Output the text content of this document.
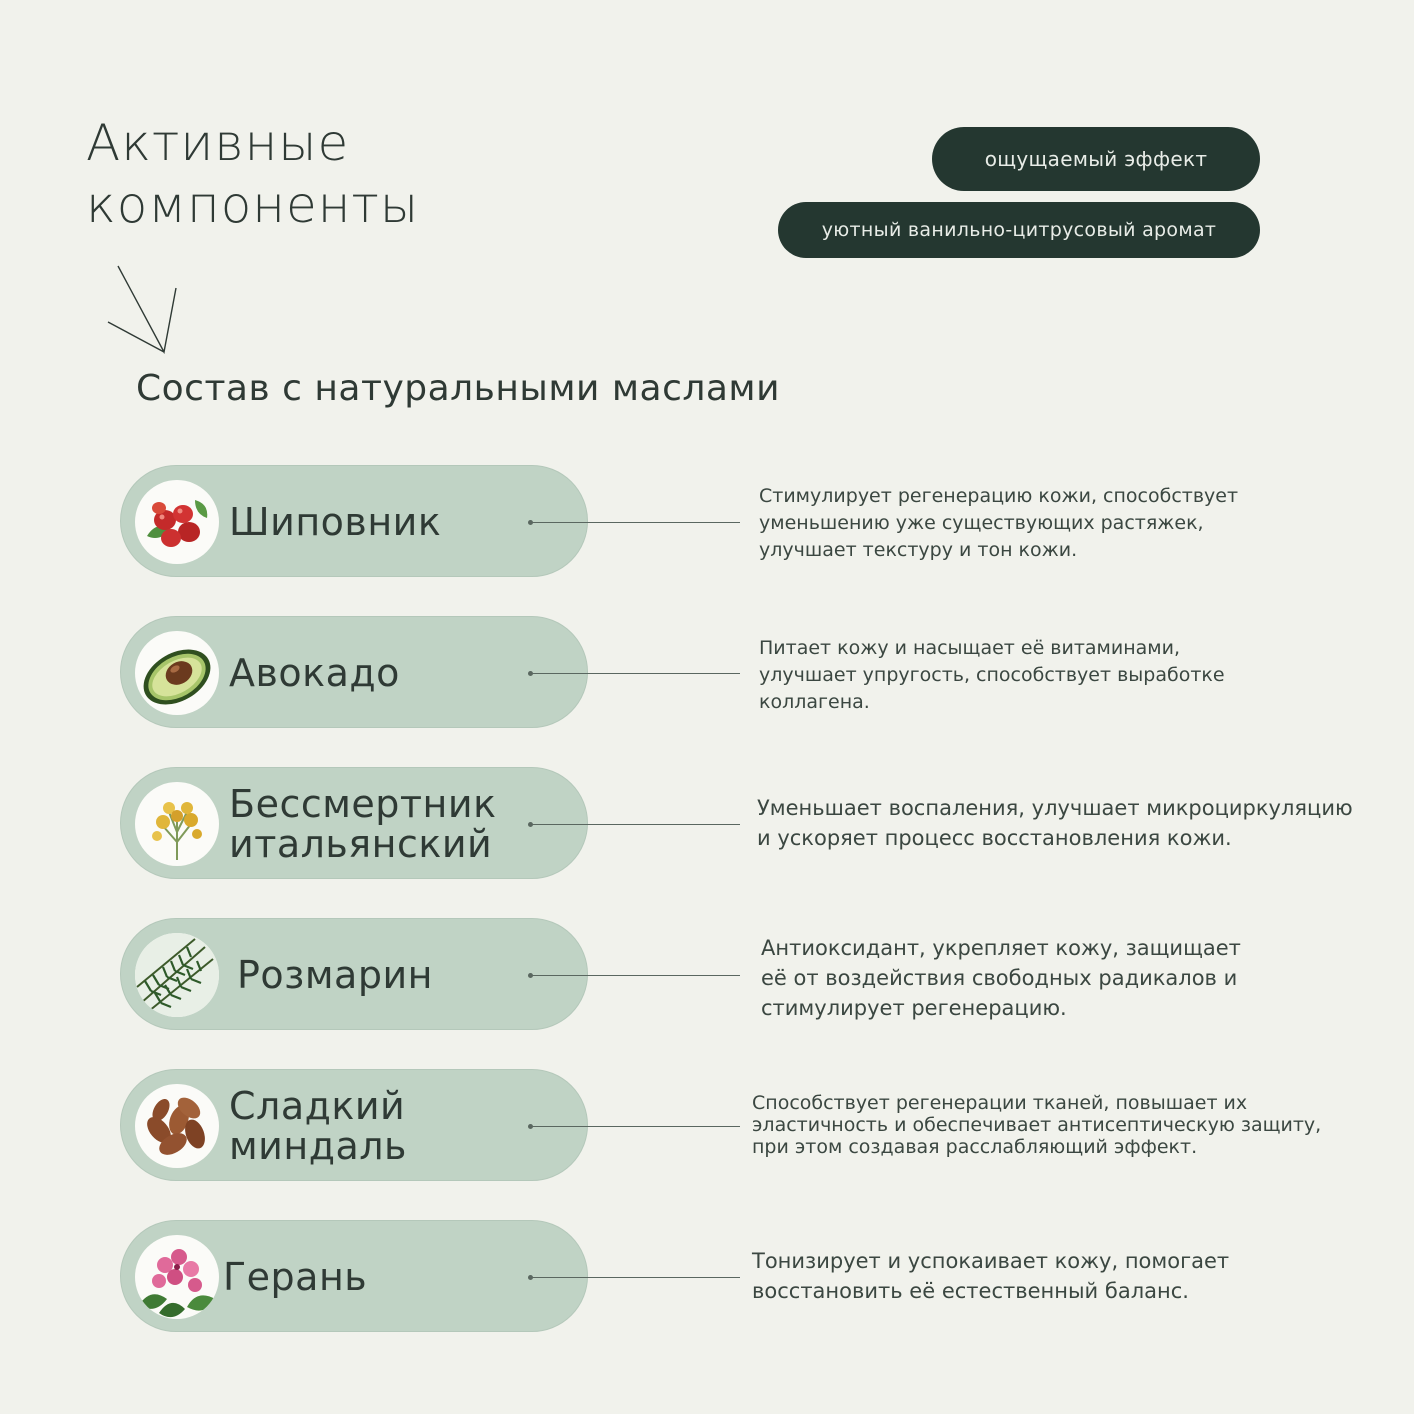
Активные
компоненты
ощущаемый эффект
уютный ванильно-цитрусовый аромат
Состав с натуральными маслами
Шиповник
Стимулирует регенерацию кожи, способствует
уменьшению уже существующих растяжек,
улучшает текстуру и тон кожи.
Авокадо
Питает кожу и насыщает её витаминами,
улучшает упругость, способствует выработке
коллагена.
Бессмертник
итальянский
Уменьшает воспаления, улучшает микроциркуляцию
и ускоряет процесс восстановления кожи.
Розмарин
Антиоксидант, укрепляет кожу, защищает
её от воздействия свободных радикалов и
стимулирует регенерацию.
Сладкий
миндаль
Способствует регенерации тканей, повышает их
эластичность и обеспечивает антисептическую защиту,
при этом создавая расслабляющий эффект.
Герань	Тонизирует и успокаивает кожу, помогает
восстановить её естественный баланс.
